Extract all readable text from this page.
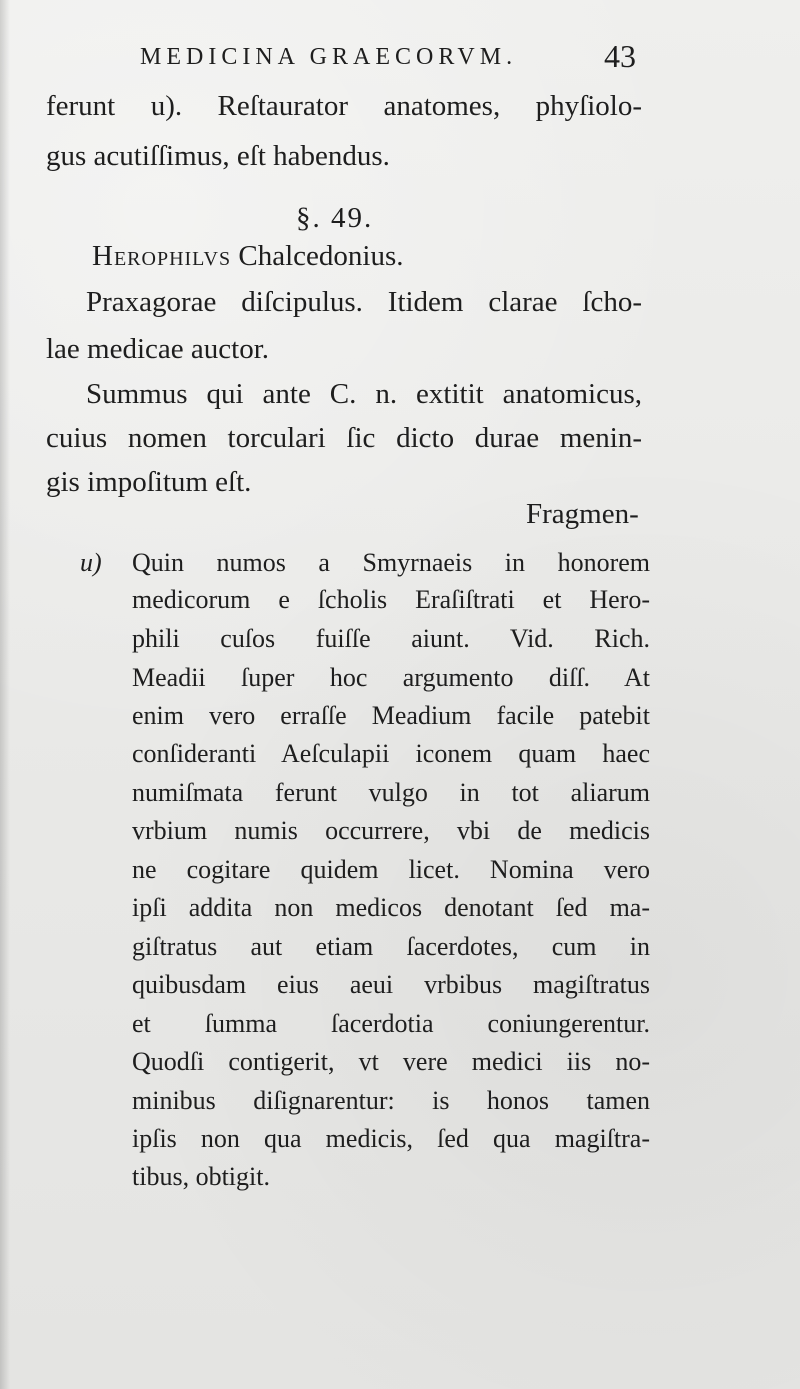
MEDICINA GRAECORVM.	43
ferunt u). Reſtaurator anatomes, phyſiolo-
gus acutiſſimus, eſt habendus.
§. 49.
Herophilvs Chalcedonius.
Praxagorae diſcipulus. Itidem clarae ſcho-
lae medicae auctor.
Summus qui ante C. n. extitit anatomicus,
cuius nomen torculari ſic dicto durae menin-
gis impoſitum eſt.
Fragmen-
u) Quin numos a Smyrnaeis in honorem
medicorum e ſcholis Eraſiſtrati et Hero-
phili cuſos fuiſſe aiunt. Vid. Rich.
Meadii ſuper hoc argumento diſſ. At
enim vero erraſſe Meadium facile patebit
conſideranti Aeſculapii iconem quam haec
numiſmata ferunt vulgo in tot aliarum
vrbium numis occurrere, vbi de medicis
ne cogitare quidem licet. Nomina vero
ipſi addita non medicos denotant ſed ma-
giſtratus aut etiam ſacerdotes, cum in
quibusdam eius aeui vrbibus magiſtratus
et ſumma ſacerdotia coniungerentur.
Quodſi contigerit, vt vere medici iis no-
minibus diſignarentur: is honos tamen
ipſis non qua medicis, ſed qua magiſtra-
tibus, obtigit.
